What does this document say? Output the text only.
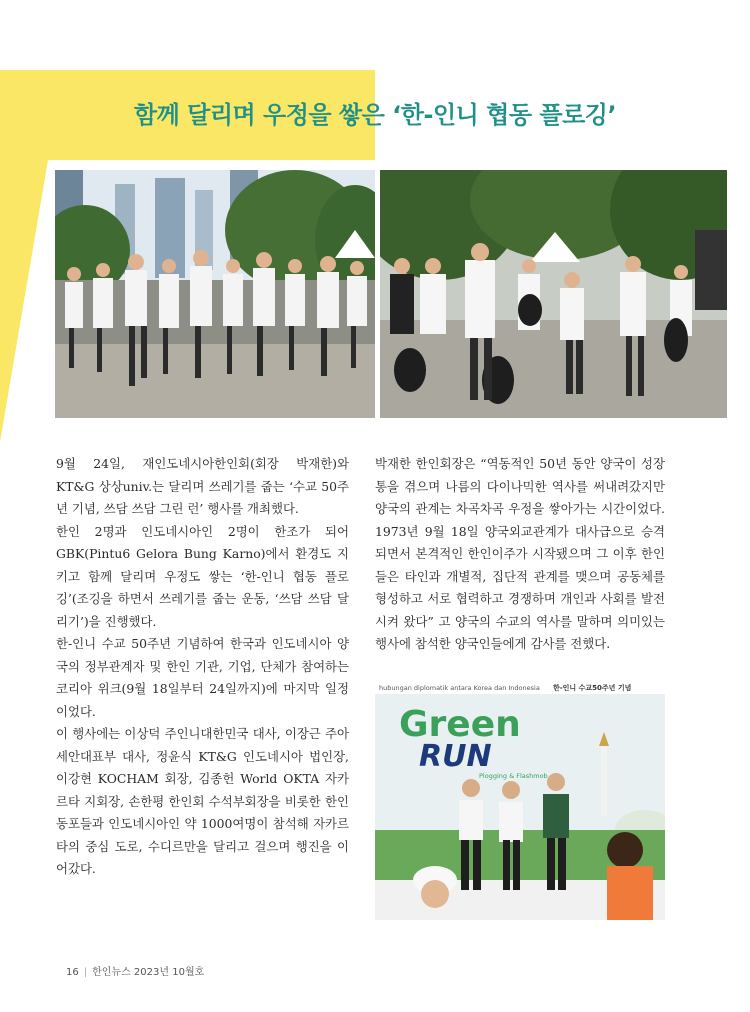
함께 달리며 우정을 쌓은 ‘한-인니 협동 플로깅’

9월 24일, 재인도네시아한인회(회장 박재한)와 KT&G 상상univ.는 달리며 쓰레기를 줍는 ‘수교 50주년 기념, 쓰담 쓰담 그린 런’ 행사를 개최했다.

한인 2명과 인도네시아인 2명이 한조가 되어 GBK(Pintu6 Gelora Bung Karno)에서 환경도 지키고 함께 달리며 우정도 쌓는 ‘한-인니 협동 플로깅’(조깅을 하면서 쓰레기를 줍는 운동, ‘쓰담 쓰담 달리기’)을 진행했다.

한-인니 수교 50주년 기념하여 한국과 인도네시아 양국의 정부관계자 및 한인 기관, 기업, 단체가 참여하는 코리아 위크(9월 18일부터 24일까지)에 마지막 일정이었다.

이 행사에는 이상덕 주인니대한민국 대사, 이장근 주아세안대표부 대사, 정윤식 KT&G 인도네시아 법인장, 이강현 KOCHAM 회장, 김종헌 World OKTA 자카르타 지회장, 손한평 한인회 수석부회장을 비롯한 한인동포들과 인도네시아인 약 1000여명이 참석해 자카르타의 중심 도로, 수디르만을 달리고 걸으며 행진을 이어갔다.

박재한 한인회장은 “역동적인 50년 동안 양국이 성장통을 겪으며 나름의 다이나믹한 역사를 써내려갔지만 양국의 관계는 차곡차곡 우정을 쌓아가는 시간이었다. 1973년 9월 18일 양국외교관계가 대사급으로 승격되면서 본격적인 한인이주가 시작됐으며 그 이후 한인들은 타인과 개별적, 집단적 관계를 맺으며 공동체를 형성하고 서로 협력하고 경쟁하며 개인과 사회를 발전시켜 왔다” 고 양국의 수교의 역사를 말하며 의미있는 행사에 참석한 양국인들에게 감사를 전했다.

hubungan diplomatik antara Korea dan Indonesia 한-인니 수교50주년 기념
Green
RUN
Plogging & Flashmob
16 | 한인뉴스 2023년 10월호
